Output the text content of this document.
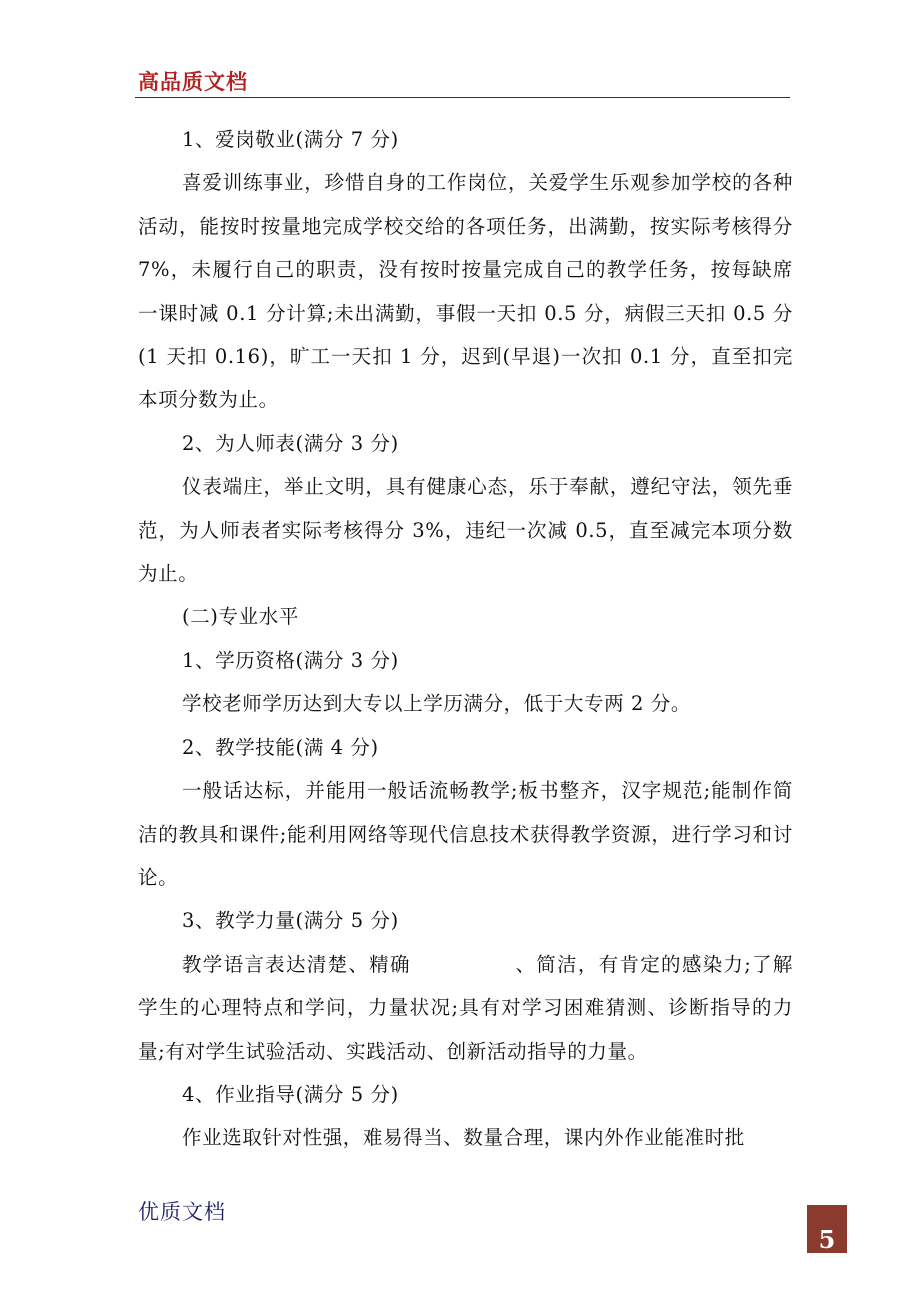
高品质文档

1、爱岗敬业(满分 7 分)

喜爱训练事业，珍惜自身的工作岗位，关爱学生乐观参加学校的各种活动，能按时按量地完成学校交给的各项任务，出满勤，按实际考核得分 7%，未履行自己的职责，没有按时按量完成自己的教学任务，按每缺席一课时减 0.1 分计算;未出满勤，事假一天扣 0.5 分，病假三天扣 0.5 分(1 天扣 0.16)，旷工一天扣 1 分，迟到(早退)一次扣 0.1 分，直至扣完本项分数为止。

2、为人师表(满分 3 分)

仪表端庄，举止文明，具有健康心态，乐于奉献，遵纪守法，领先垂范，为人师表者实际考核得分 3%，违纪一次减 0.5，直至减完本项分数为止。

(二)专业水平

1、学历资格(满分 3 分)

学校老师学历达到大专以上学历满分，低于大专两 2 分。

2、教学技能(满 4 分)

一般话达标，并能用一般话流畅教学;板书整齐，汉字规范;能制作简洁的教具和课件;能利用网络等现代信息技术获得教学资源，进行学习和讨论。

3、教学力量(满分 5 分)

教学语言表达清楚、精确	、简洁，有肯定的感染力;了解学生的心理特点和学问，力量状况;具有对学习困难猜测、诊断指导的力量;有对学生试验活动、实践活动、创新活动指导的力量。

4、作业指导(满分 5 分)

作业选取针对性强，难易得当、数量合理，课内外作业能准时批

优质文档
5
